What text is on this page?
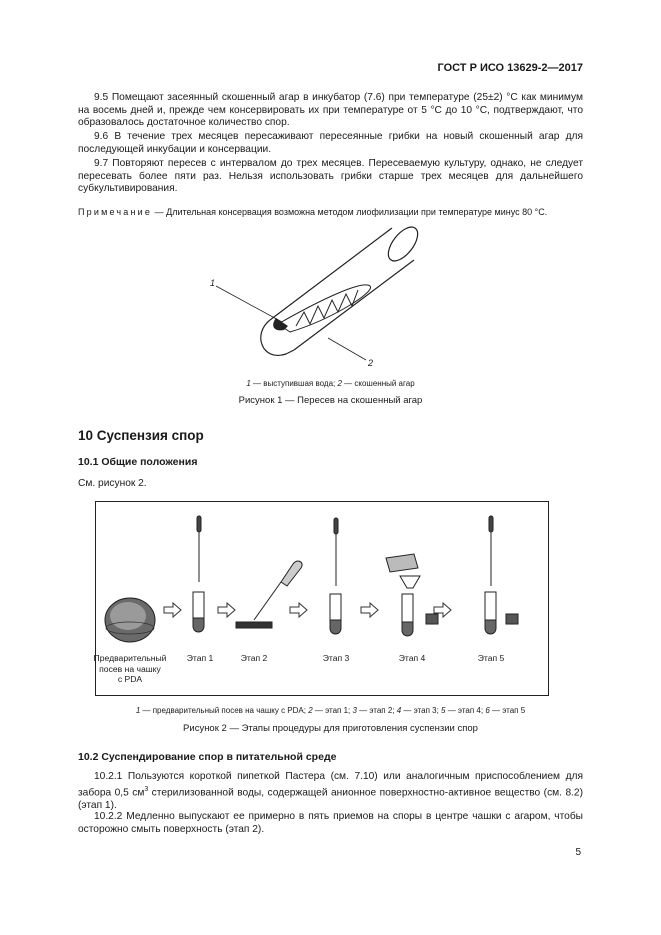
ГОСТ Р ИСО 13629-2—2017
9.5 Помещают засеянный скошенный агар в инкубатор (7.6) при температуре (25±2) °С как минимум на восемь дней и, прежде чем консервировать их при температуре от 5 °С до 10 °С, подтверждают, что образовалось достаточное количество спор.
9.6 В течение трех месяцев пересаживают пересеянные грибки на новый скошенный агар для последующей инкубации и консервации.
9.7 Повторяют пересев с интервалом до трех месяцев. Пересеваемую культуру, однако, не следует пересевать более пяти раз. Нельзя использовать грибки старше трех месяцев для дальнейшего субкультивирования.
Примечание — Длительная консервация возможна методом лиофилизации при температуре минус 80 °С.
1
2
1 — выступившая вода; 2 — скошенный агар
Рисунок 1 — Пересев на скошенный агар
10 Суспензия спор
10.1 Общие положения
См. рисунок 2.
Предварительный
посев на чашку
с PDA
Этап 1	Этап 2	Этап 3	Этап 4	Этап 5
1 — предварительный посев на чашку с PDA; 2 — этап 1; 3 — этап 2; 4 — этап 3; 5 — этап 4; 6 — этап 5
Рисунок 2 — Этапы процедуры для приготовления суспензии спор
10.2 Суспендирование спор в питательной среде
10.2.1 Пользуются короткой пипеткой Пастера (см. 7.10) или аналогичным приспособлением для забора 0,5 $см^3$ стерилизованной воды, содержащей анионное поверхностно-активное вещество (см. 8.2) (этап 1).
10.2.2 Медленно выпускают ее примерно в пять приемов на споры в центре чашки с агаром, чтобы осторожно смыть поверхность (этап 2).
5
